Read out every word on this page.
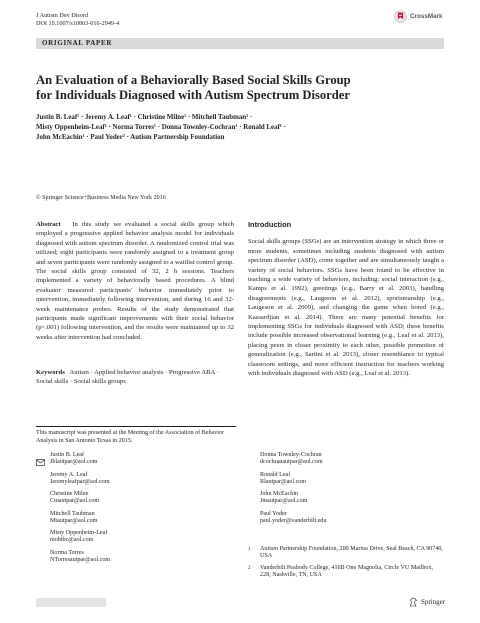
J Autism Dev Disord
DOI 10.1007/s10803-016-2949-4
CrossMark
ORIGINAL PAPER
An Evaluation of a Behaviorally Based Social Skills Group
for Individuals Diagnosed with Autism Spectrum Disorder
Justin B. Leaf¹ · Jeremy A. Leaf¹ · Christine Milne¹ · Mitchell Taubman¹ ·
Misty Oppenheim-Leaf¹ · Norma Torres¹ · Donna Townley-Cochran¹ · Ronald Leaf¹ ·
John McEachin¹ · Paul Yoder² · Autism Partnership Foundation
© Springer Science+Business Media New York 2016
Abstract In this study we evaluated a social skills group which employed a progressive applied behavior analysis model for individuals diagnosed with autism spectrum disorder. A randomized control trial was utilized; eight participants were randomly assigned to a treatment group and seven participants were randomly assigned to a waitlist control group. The social skills group consisted of 32, 2 h sessions. Teachers implemented a variety of behaviorally based procedures. A blind evaluator measured participants' behavior immediately prior to intervention, immediately following intervention, and during 16 and 32-week maintenance probes. Results of the study demonstrated that participants made significant improvements with their social behavior (p<.001) following intervention, and the results were maintained up to 32 weeks after intervention had concluded.
Keywords Autism · Applied behavior analysis · Progressive ABA · Social skills · Social skills groups
Introduction
Social skills groups (SSGs) are an intervention strategy in which three or more students, sometimes including students diagnosed with autism spectrum disorder (ASD), come together and are simultaneously taught a variety of social behaviors. SSGs have been found to be effective in teaching a wide variety of behaviors, including: social interaction (e.g., Kamps et al. 1992), greetings (e.g., Barry et al. 2003), handling disagreements (e.g., Laugeson et al. 2012), sportsmanship (e.g., Laugeson et al. 2009), and changing the game when bored (e.g., Kassardjian et al. 2014). There are many potential benefits for implementing SSGs for individuals diagnosed with ASD; these benefits include possible increased observational learning (e.g., Leaf et al. 2013), placing peers in closer proximity to each other, possible promotion of generalization (e.g., Sartini et al. 2013), closer resemblance to typical classroom settings, and more efficient instruction for teachers working with individuals diagnosed with ASD (e.g., Leaf et al. 2013).
This manuscript was presented at the Meeting of the Association of Behavior Analysis in San Antonio Texas in 2015.
Justin B. Leaf
Jblautpar@aol.com
Jeremy A. Leaf
Jeremyleafpar@aol.com
Christine Milne
Cmautpar@aol.com
Mitchell Taubman
Mtautpar@aol.com
Misty Oppenheim-Leaf
mobtbc@aol.com
Norma Torres
NTorresautpar@aol.com
Donna Townley-Cochran
dcochranautpar@aol.com
Ronald Leaf
Rlautpar@aol.com
John McEachin
Jmautpar@aol.com
Paul Yoder
paul.yoder@vanderbilt.edu
1	Autism Partnership Foundation, 200 Marina Drive, Seal Beach, CA 90740, USA
2	Vanderbilt Peabody College, 416B One Magnolia, Circle VU Mailbox, 228, Nashville, TN, USA
Springer
